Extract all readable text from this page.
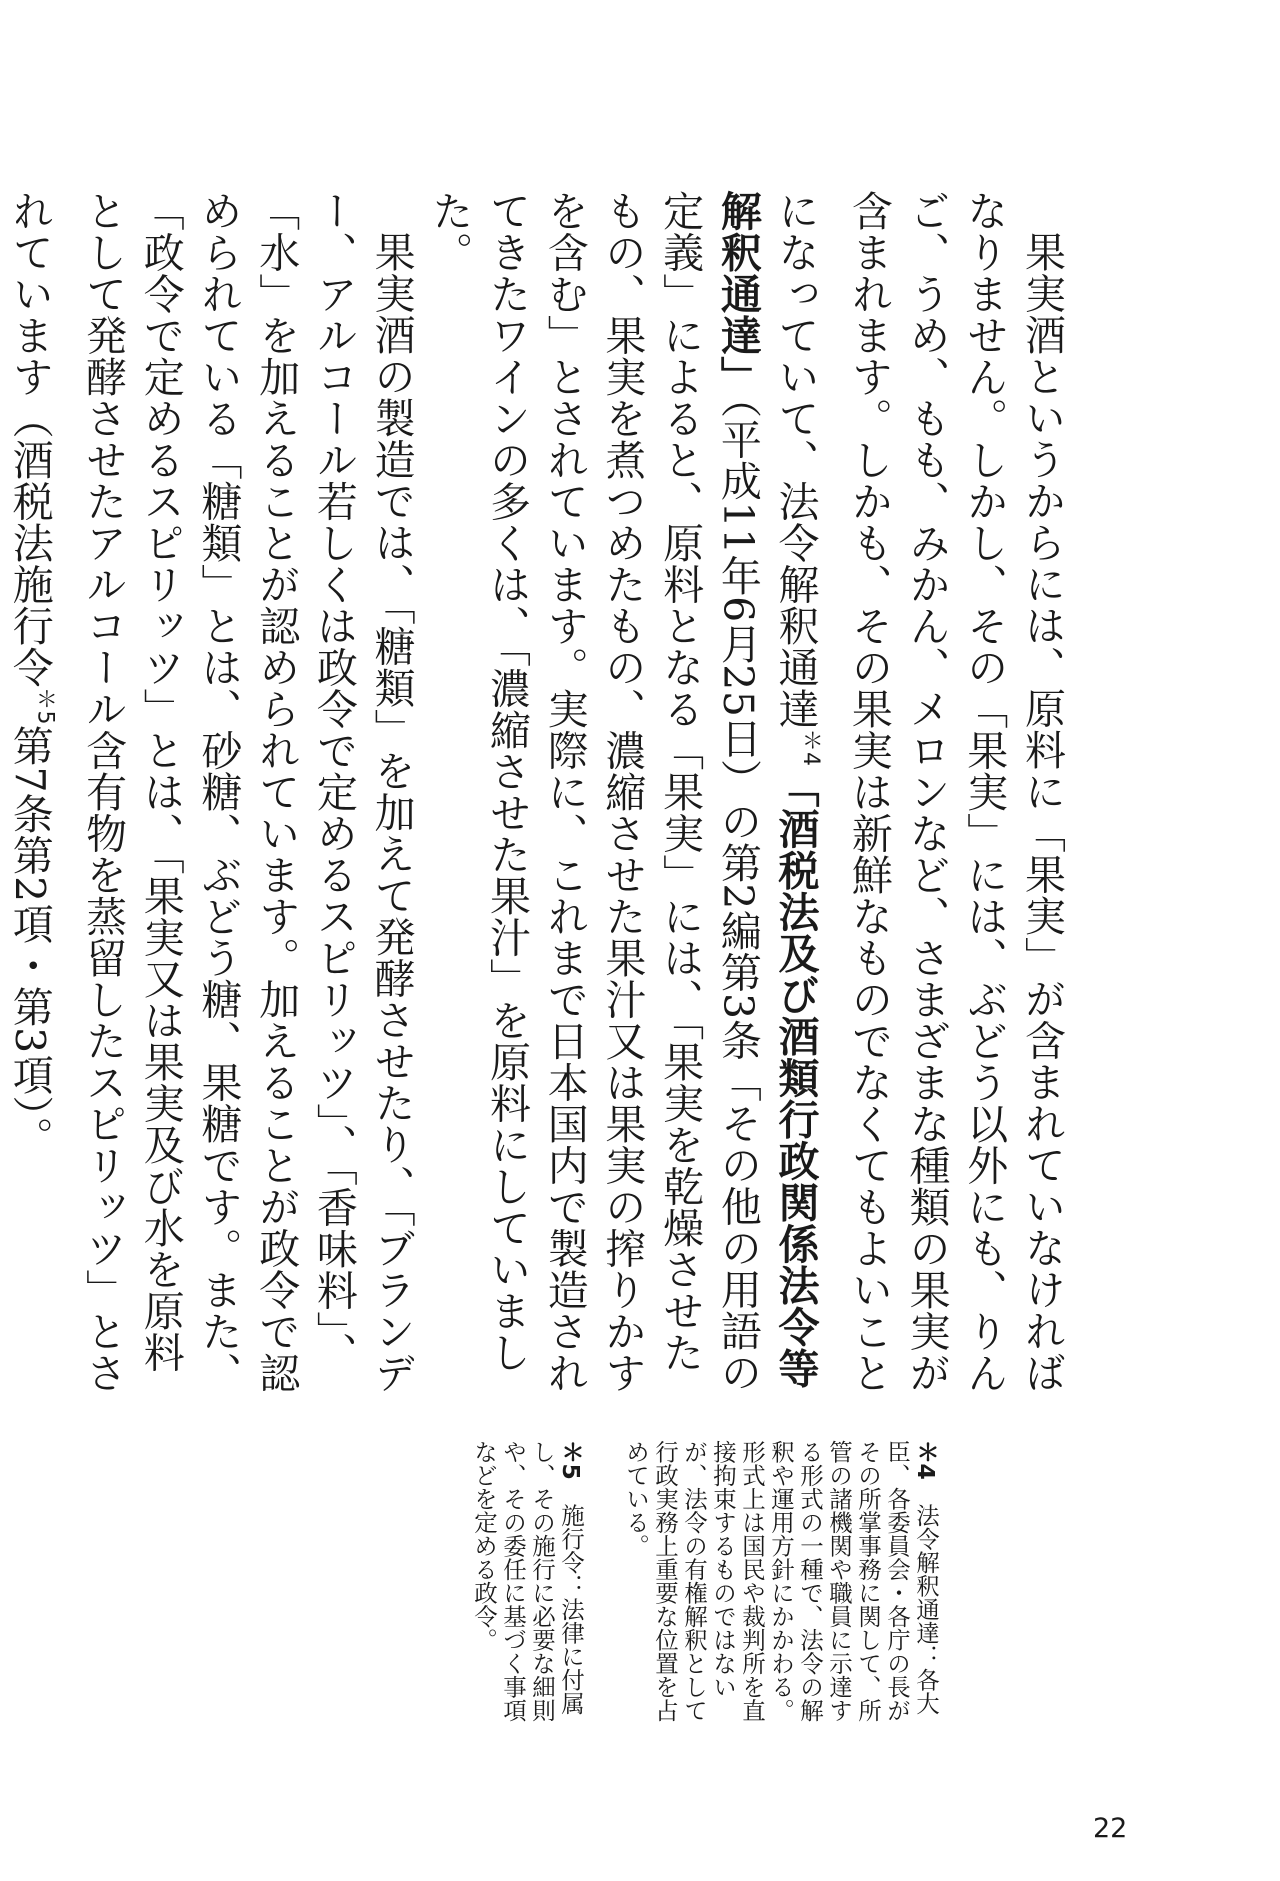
果実酒というからには、原料に「果実」が含まれていなければなりません。しかし、その「果実」には、ぶどう以外にも、りんご、うめ、もも、みかん、メロンなど、さまざまな種類の果実が含まれます。しかも、その果実は新鮮なものでなくてもよいことになっていて、法令解釈通達$^{*4}$「酒税法及び酒類行政関係法令等解釈通達」（平成11年6月25日）の第2編第3条「その他の用語の定義」によると、原料となる「果実」には、「果実を乾燥させたもの、果実を煮つめたもの、濃縮させた果汁又は果実の搾りかすを含む」とされています。実際に、これまで日本国内で製造されてきたワインの多くは、「濃縮させた果汁」を原料にしていました。

果実酒の製造では、「糖類」を加えて発酵させたり、「ブランデー、アルコール若しくは政令で定めるスピリッツ」、「香味料」、「水」を加えることが認められています。加えることが政令で認められている「糖類」とは、砂糖、ぶどう糖、果糖です。また、「政令で定めるスピリッツ」とは、「果実又は果実及び水を原料として発酵させたアルコール含有物を蒸留したスピリッツ」とされています（酒税法施行令$^{*5}$第7条第2項・第3項）。

＊4　法令解釈通達：各大臣、各委員会・各庁の長がその所掌事務に関して、所管の諸機関や職員に示達する形式の一種で、法令の解釈や運用方針にかかわる。形式上は国民や裁判所を直接拘束するものではないが、法令の有権解釈として行政実務上重要な位置を占めている。

＊5　施行令：法律に付属し、その施行に必要な細則や、その委任に基づく事項などを定める政令。

22
